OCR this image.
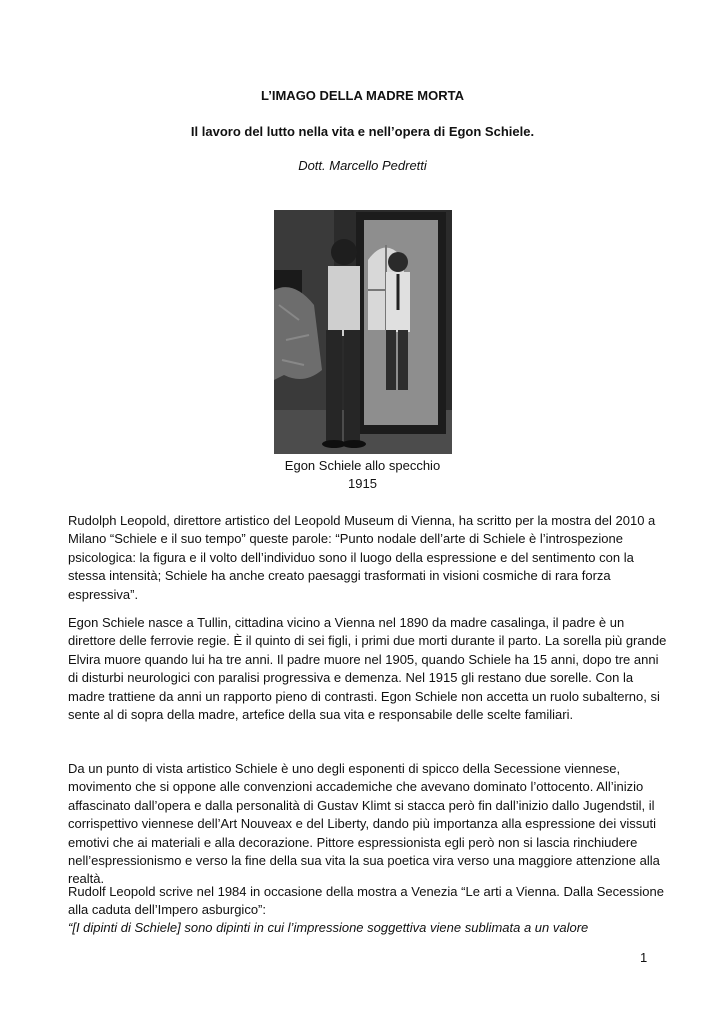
L’IMAGO DELLA MADRE MORTA
Il lavoro del lutto nella vita e nell’opera di Egon Schiele.
Dott. Marcello Pedretti
Egon Schiele allo specchio
1915

Rudolph Leopold, direttore artistico del Leopold Museum di Vienna, ha scritto per la mostra del 2010 a Milano “Schiele e il suo tempo” queste parole: “Punto nodale dell’arte di Schiele è l’introspezione psicologica: la figura e il volto dell’individuo sono il luogo della espressione e del sentimento con la stessa intensità; Schiele ha anche creato paesaggi trasformati in visioni cosmiche di rara forza espressiva”.

Egon Schiele nasce a Tullin, cittadina vicino a Vienna nel 1890 da madre casalinga, il padre è un direttore delle ferrovie regie. È il quinto di sei figli, i primi due morti durante il parto. La sorella più grande Elvira muore quando lui ha tre anni. Il padre muore nel 1905, quando Schiele ha 15 anni, dopo tre anni di disturbi neurologici con paralisi progressiva e demenza. Nel 1915 gli restano due sorelle. Con la madre trattiene da anni un rapporto pieno di contrasti. Egon Schiele non accetta un ruolo subalterno, si sente al di sopra della madre, artefice della sua vita e responsabile delle scelte familiari.

Da un punto di vista artistico Schiele è uno degli esponenti di spicco della Secessione viennese, movimento che si oppone alle convenzioni accademiche che avevano dominato l’ottocento. All’inizio affascinato dall’opera e dalla personalità di Gustav Klimt si stacca però fin dall’inizio dallo Jugendstil, il corrispettivo viennese dell’Art Nouveax e del Liberty, dando più importanza alla espressione dei vissuti emotivi che ai materiali e alla decorazione. Pittore espressionista egli però non si lascia rinchiudere nell’espressionismo e verso la fine della sua vita la sua poetica vira verso una maggiore attenzione alla realtà.

Rudolf Leopold scrive nel 1984 in occasione della mostra a Venezia “Le arti a Vienna. Dalla Secessione alla caduta dell’Impero asburgico”:

“[I dipinti di Schiele] sono dipinti in cui l’impressione soggettiva viene sublimata a un valore

1
